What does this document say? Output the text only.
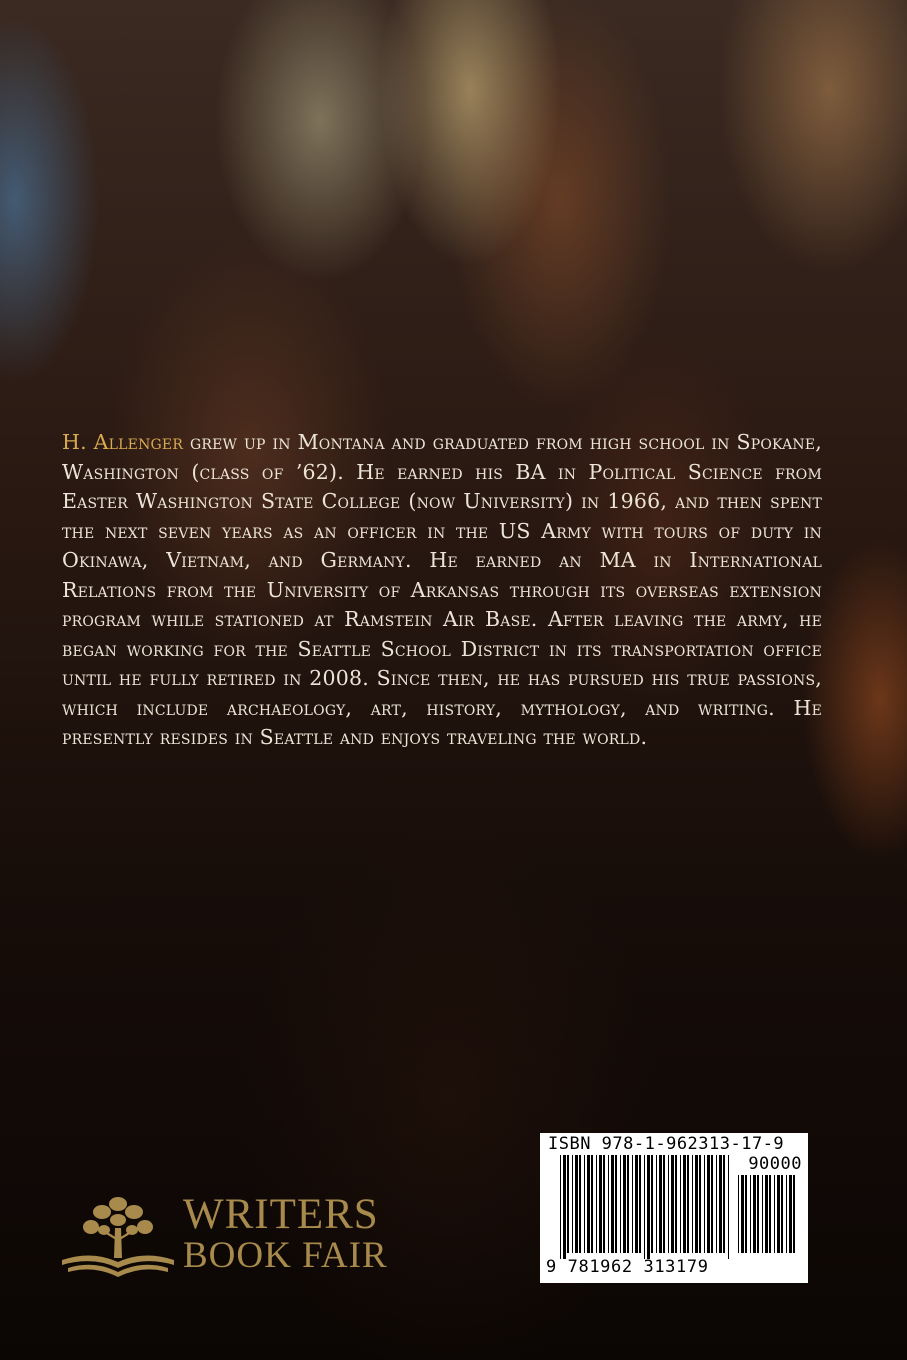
H. Allenger grew up in Montana and graduated from high school in Spokane, Washington (class of ’62). He earned his BA in Political Science from Easter Washington State College (now University) in 1966, and then spent the next seven years as an officer in the US Army with tours of duty in Okinawa, Vietnam, and Germany. He earned an MA in International Relations from the University of Arkansas through its overseas extension program while stationed at Ramstein Air Base. After leaving the army, he began working for the Seattle School District in its transportation office until he fully retired in 2008. Since then, he has pursued his true passions, which include archaeology, art, history, mythology, and writing. He presently resides in Seattle and enjoys traveling the world.

WRITERS
BOOK FAIR
ISBN 978-1-962313-17-9
90000
9 781962 313179
